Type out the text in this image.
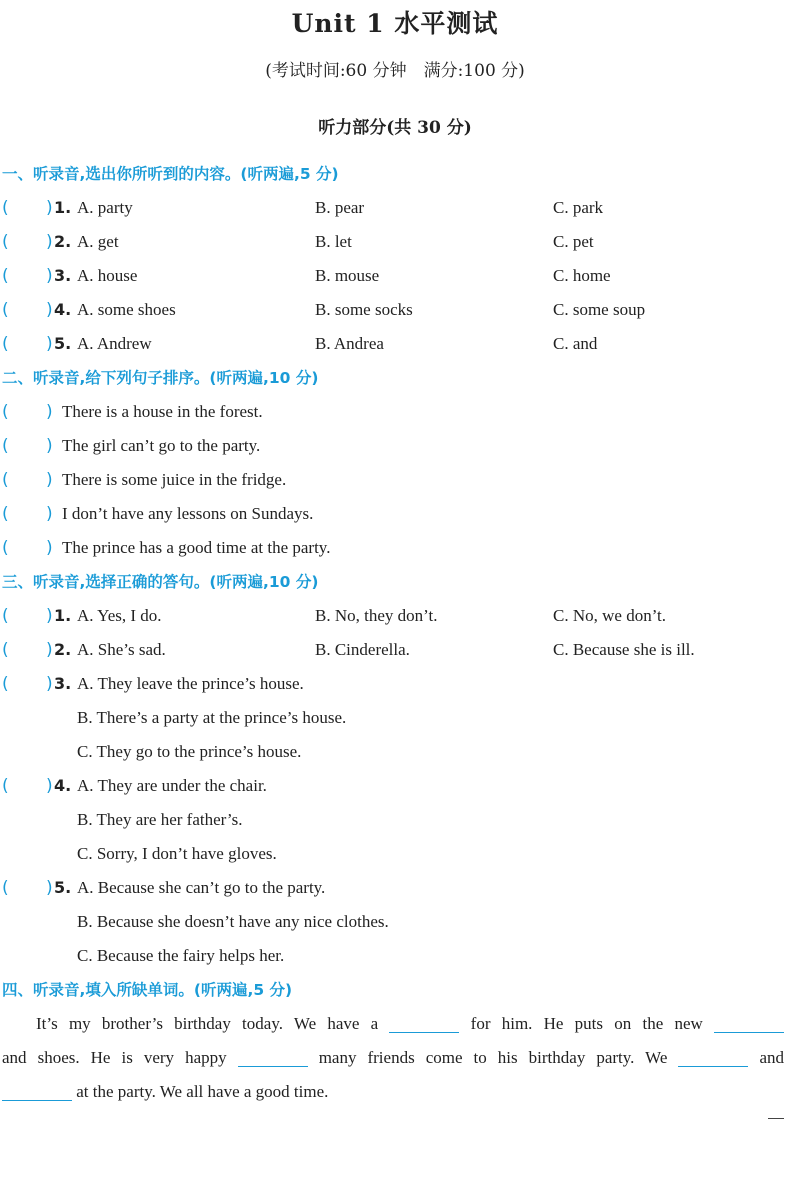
Unit 1 水平测试
(考试时间:60 分钟　满分:100 分)
听力部分(共 30 分)
一、听录音,选出你所听到的内容。(听两遍,5 分)
( ) 1. A. party	B. pear	C. park
( ) 2. A. get	B. let	C. pet
( ) 3. A. house	B. mouse	C. home
( ) 4. A. some shoes	B. some socks	C. some soup
( ) 5. A. Andrew	B. Andrea	C. and
二、听录音,给下列句子排序。(听两遍,10 分)
( ) There is a house in the forest.
( ) The girl can’t go to the party.
( ) There is some juice in the fridge.
( ) I don’t have any lessons on Sundays.
( ) The prince has a good time at the party.
三、听录音,选择正确的答句。(听两遍,10 分)
( ) 1. A. Yes, I do.	B. No, they don’t.	C. No, we don’t.
( ) 2. A. She’s sad.	B. Cinderella.	C. Because she is ill.
( ) 3. A. They leave the prince’s house.
B. There’s a party at the prince’s house.
C. They go to the prince’s house.
( ) 4. A. They are under the chair.
B. They are her father’s.
C. Sorry, I don’t have gloves.
( ) 5. A. Because she can’t go to the party.
B. Because she doesn’t have any nice clothes.
C. Because the fairy helps her.
四、听录音,填入所缺单词。(听两遍,5 分)
It’s my brother’s birthday today. We have a	for him. He puts on the new
and shoes. He is very happy	many friends come to his birthday party. We	and
at the party. We all have a good time.
